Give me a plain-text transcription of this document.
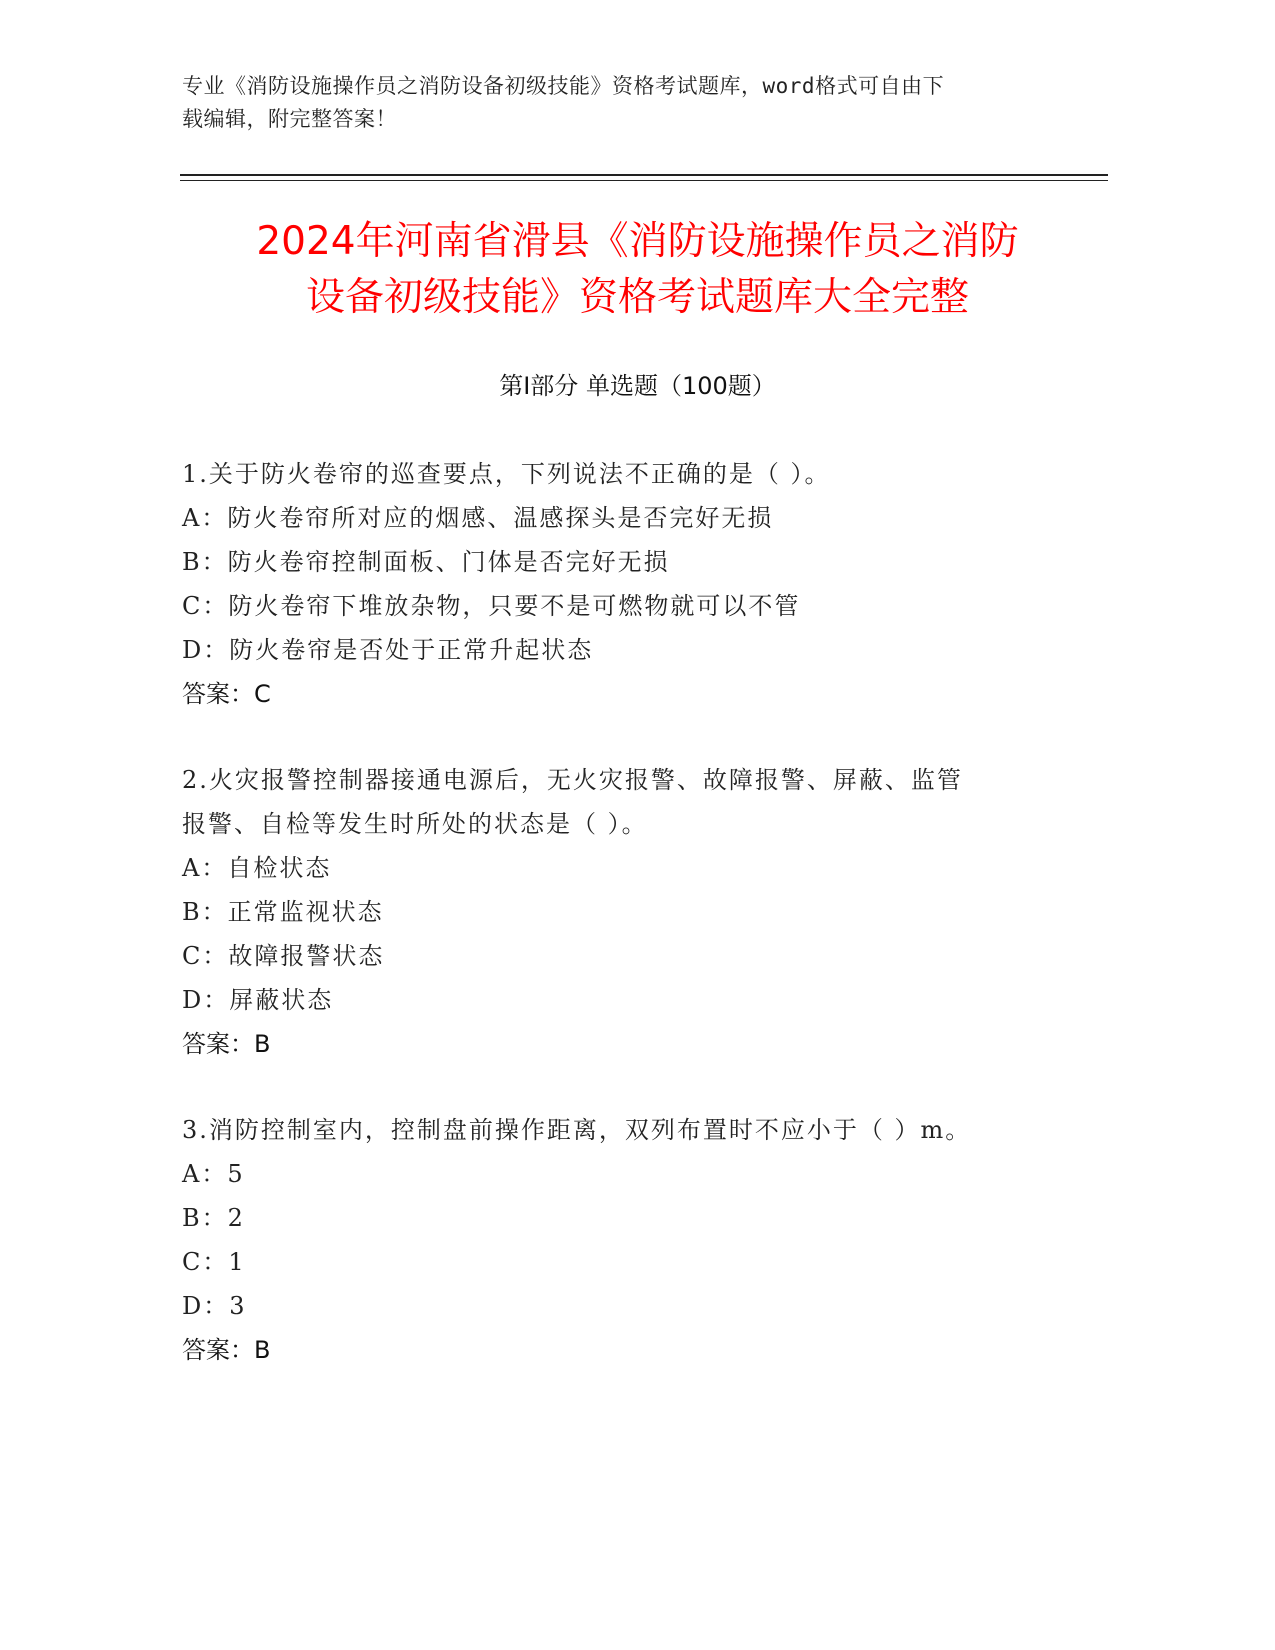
专业《消防设施操作员之消防设备初级技能》资格考试题库，word格式可自由下
载编辑，附完整答案！
2024年河南省滑县《消防设施操作员之消防
设备初级技能》资格考试题库大全完整
第I部分 单选题（100题）

1.关于防火卷帘的巡查要点，下列说法不正确的是（ ）。

A：防火卷帘所对应的烟感、温感探头是否完好无损

B：防火卷帘控制面板、门体是否完好无损

C：防火卷帘下堆放杂物，只要不是可燃物就可以不管

D：防火卷帘是否处于正常升起状态

答案：C

2.火灾报警控制器接通电源后，无火灾报警、故障报警、屏蔽、监管

报警、自检等发生时所处的状态是（ ）。

A：自检状态

B：正常监视状态

C：故障报警状态

D：屏蔽状态

答案：B

3.消防控制室内，控制盘前操作距离，双列布置时不应小于（ ）m。

A：5

B：2

C：1

D：3

答案：B
